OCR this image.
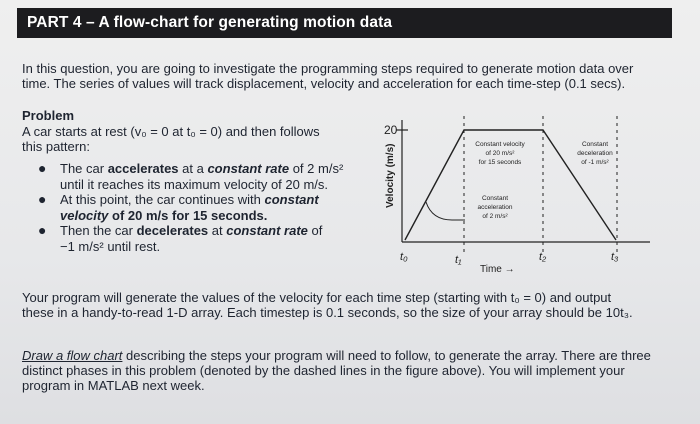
PART 4 – A flow-chart for generating motion data
In this question, you are going to investigate the programming steps required to generate motion data over
time. The series of values will track displacement, velocity and acceleration for each time-step (0.1 secs).
Problem
A car starts at rest (v₀ = 0 at t₀ = 0) and then follows
this pattern:
● The car accelerates at a constant rate of 2 m/s²
until it reaches its maximum velocity of 20 m/s.
● At this point, the car continues with constant
velocity of 20 m/s for 15 seconds.
● Then the car decelerates at constant rate of
−1 m/s² until rest.
20
Velocity (m/s)	Constant velocity
of 20 m/s²
for 15 seconds
Constant
acceleration
of 2 m/s²
Constant
deceleration
of -1 m/s²
t₀	t₁	t₂	t₃
Time →
Your program will generate the values of the velocity for each time step (starting with t₀ = 0) and output
these in a handy-to-read 1-D array. Each timestep is 0.1 seconds, so the size of your array should be 10t₃.
Draw a flow chart describing the steps your program will need to follow, to generate the array. There are three
distinct phases in this problem (denoted by the dashed lines in the figure above). You will implement your
program in MATLAB next week.
